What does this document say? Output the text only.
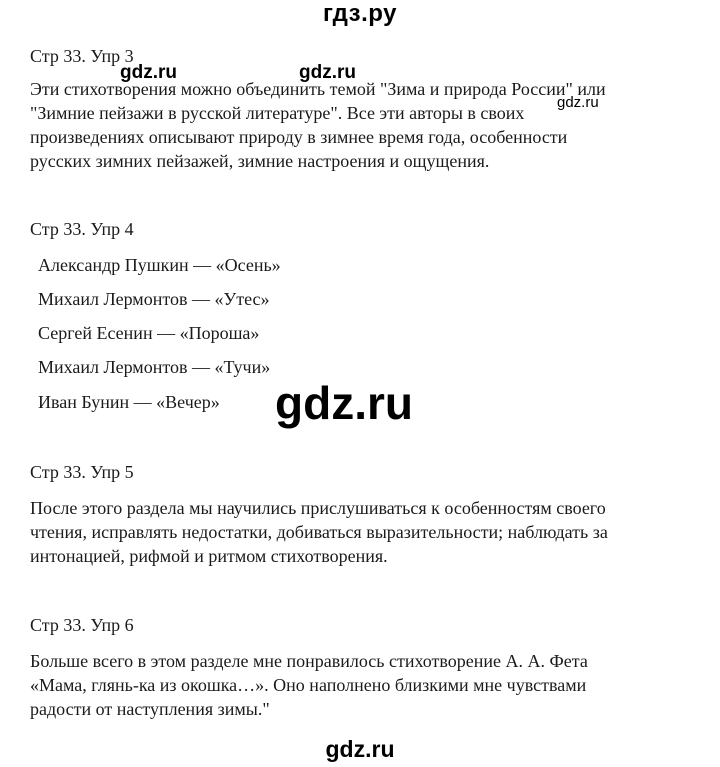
гдз.ру
Стр 33. Упр 3
Эти стихотворения можно объединить темой "Зима и природа России" или
"Зимние пейзажи в русской литературе". Все эти авторы в своих
произведениях описывают природу в зимнее время года, особенности
русских зимних пейзажей, зимние настроения и ощущения.
gdz.ru	gdz.ru
gdz.ru
Стр 33. Упр 4
Александр Пушкин — «Осень»
Михаил Лермонтов — «Утес»
Сергей Есенин — «Пороша»
Михаил Лермонтов — «Тучи»
Иван Бунин — «Вечер» gdz.ru
Стр 33. Упр 5
После этого раздела мы научились прислушиваться к особенностям своего
чтения, исправлять недостатки, добиваться выразительности; наблюдать за
интонацией, рифмой и ритмом стихотворения.
Стр 33. Упр 6
Больше всего в этом разделе мне понравилось стихотворение А. А. Фета
«Мама, глянь-ка из окошка…». Оно наполнено близкими мне чувствами
радости от наступления зимы."
gdz.ru
